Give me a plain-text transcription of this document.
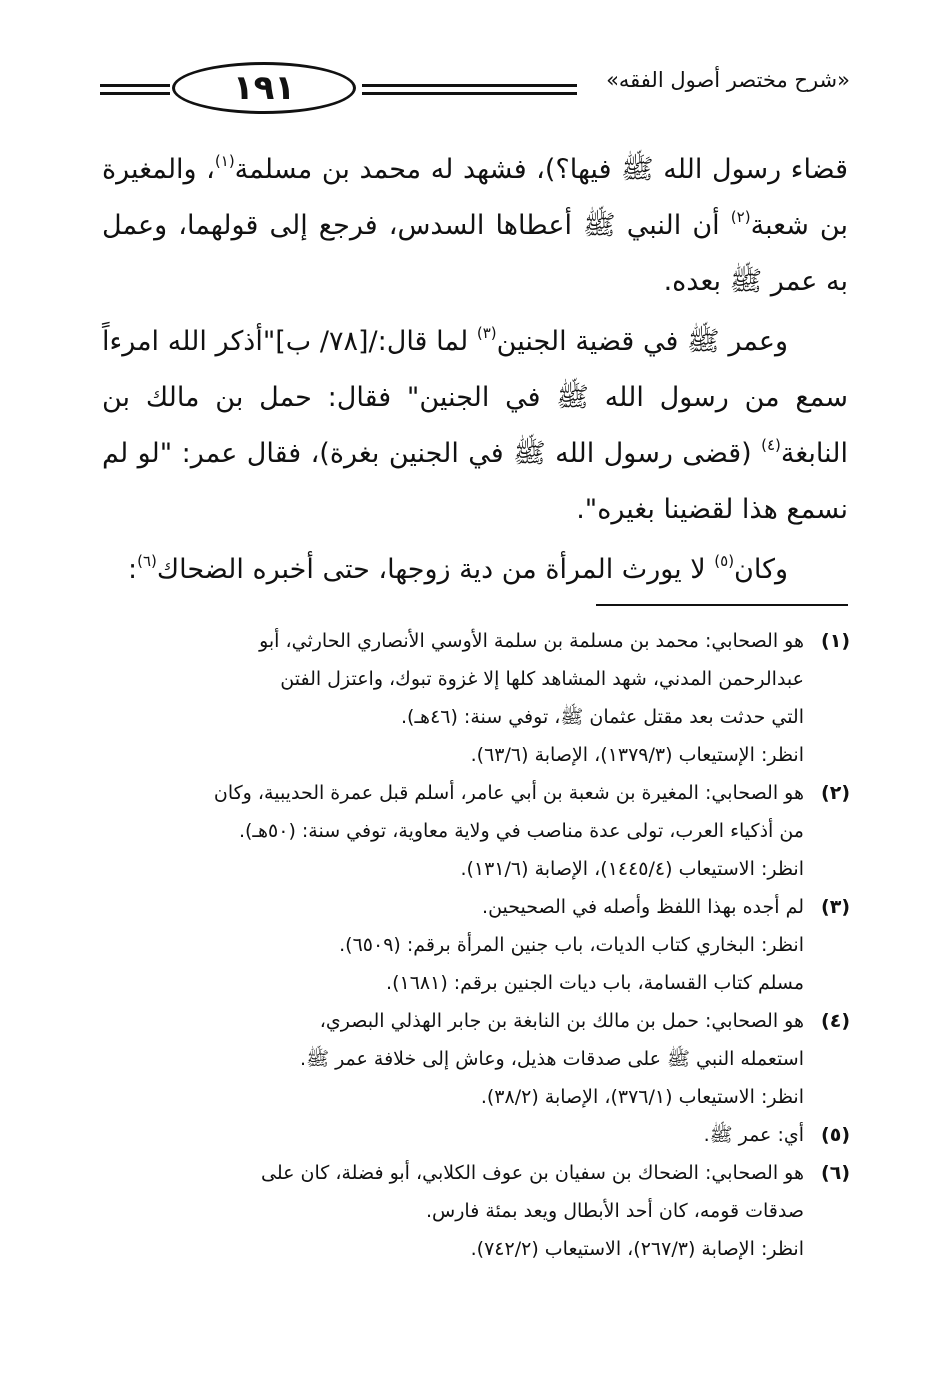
١٩١	«شرح مختصر أصول الفقه»

قضاء رسول الله ﷺ فيها؟)، فشهد له محمد بن مسلمة$^{(١)}$، والمغيرة بن شعبة$^{(٢)}$ أن النبي ﷺ أعطاها السدس، فرجع إلى قولهما، وعمل به عمر ﷺ بعده.

وعمر ﷺ في قضية الجنين$^{(٣)}$ لما قال:/[٧٨/ ب]"أذكر الله امرءاً سمع من رسول الله ﷺ في الجنين" فقال: حمل بن مالك بن النابغة$^{(٤)}$ (قضى رسول الله ﷺ في الجنين بغرة)، فقال عمر: "لو لم نسمع هذا لقضينا بغيره".

وكان$^{(٥)}$ لا يورث المرأة من دية زوجها، حتى أخبره الضحاك$^{(٦)}$:

(١)
هو الصحابي: محمد بن مسلمة بن سلمة الأوسي الأنصاري الحارثي، أبو
عبدالرحمن المدني، شهد المشاهد كلها إلا غزوة تبوك، واعتزل الفتن
التي حدثت بعد مقتل عثمان ﷺ، توفي سنة: (٤٦هـ).
انظر: الإستيعاب (١٣٧٩/٣)، الإصابة (٦٣/٦).
(٢)
هو الصحابي: المغيرة بن شعبة بن أبي عامر، أسلم قبل عمرة الحديبية، وكان
من أذكياء العرب، تولى عدة مناصب في ولاية معاوية، توفي سنة: (٥٠هـ).
انظر: الاستيعاب (١٤٤٥/٤)، الإصابة (١٣١/٦).
(٣)
لم أجده بهذا اللفظ وأصله في الصحيحين.
انظر: البخاري كتاب الديات، باب جنين المرأة برقم: (٦٥٠٩).
مسلم كتاب القسامة، باب ديات الجنين برقم: (١٦٨١).
(٤)
هو الصحابي: حمل بن مالك بن النابغة بن جابر الهذلي البصري،
استعمله النبي ﷺ على صدقات هذيل، وعاش إلى خلافة عمر ﷺ.
انظر: الاستيعاب (٣٧٦/١)، الإصابة (٣٨/٢).
(٥)
أي: عمر ﷺ.
(٦)
هو الصحابي: الضحاك بن سفيان بن عوف الكلابي، أبو فضلة، كان على
صدقات قومه، كان أحد الأبطال ويعد بمئة فارس.
انظر: الإصابة (٢٦٧/٣)، الاستيعاب (٧٤٢/٢).
